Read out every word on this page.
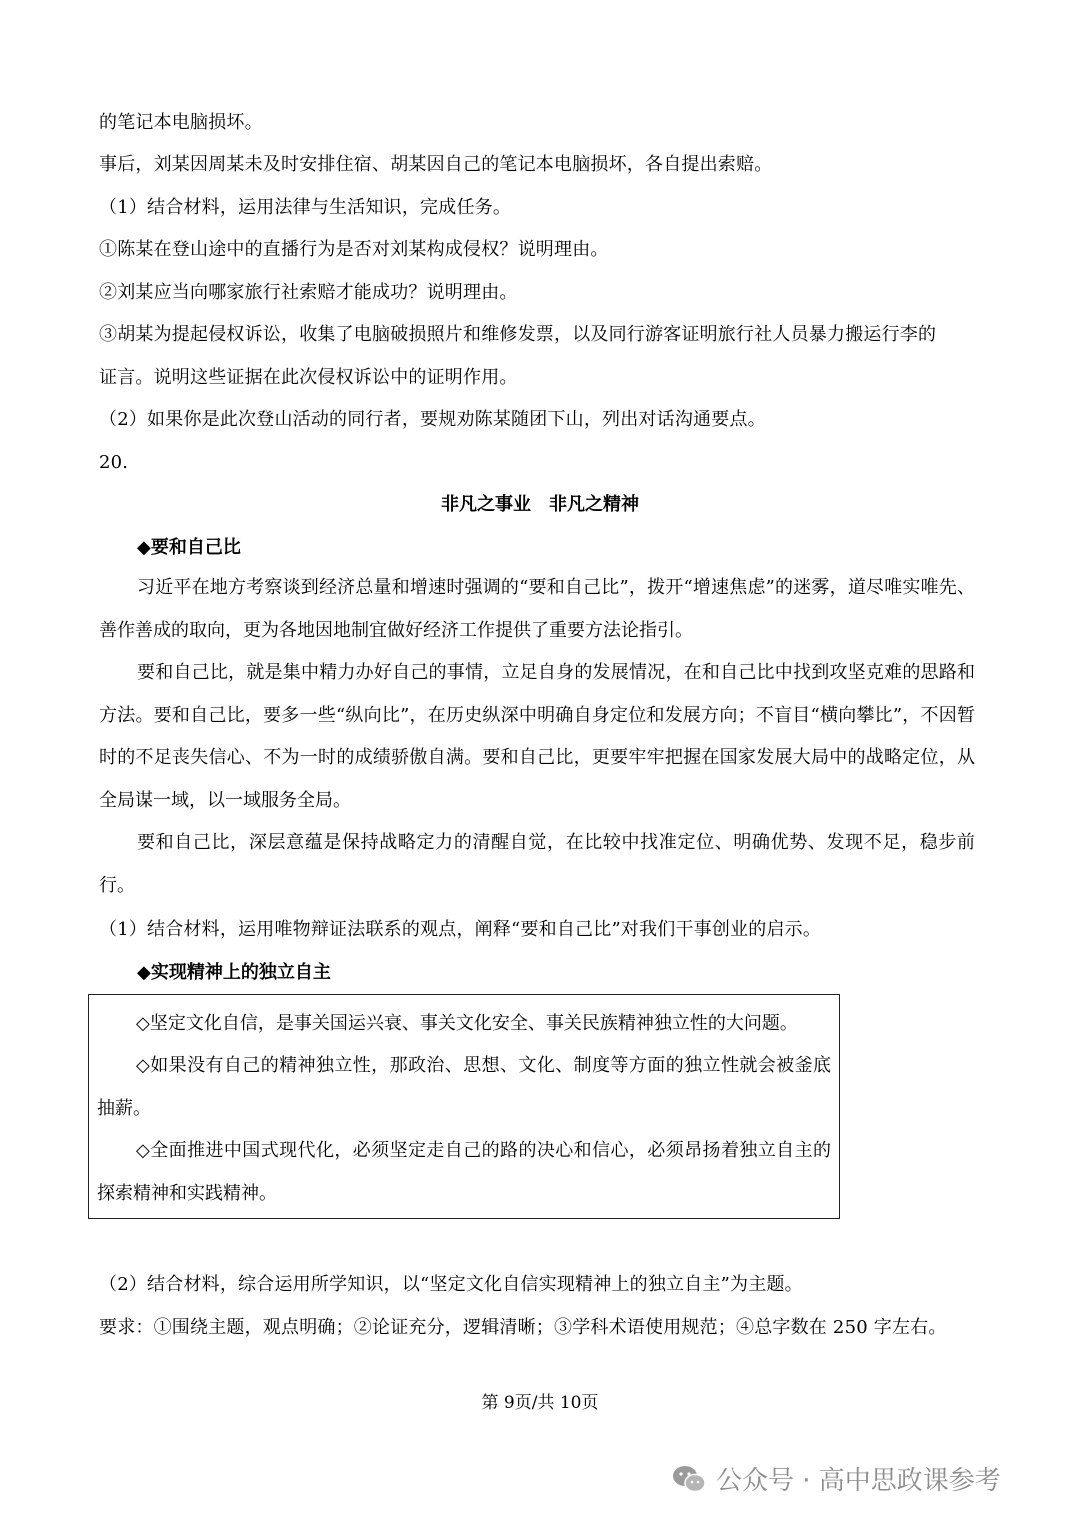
的笔记本电脑损坏。
事后，刘某因周某未及时安排住宿、胡某因自己的笔记本电脑损坏，各自提出索赔。
（1）结合材料，运用法律与生活知识，完成任务。
①陈某在登山途中的直播行为是否对刘某构成侵权？说明理由。
②刘某应当向哪家旅行社索赔才能成功？说明理由。
③胡某为提起侵权诉讼，收集了电脑破损照片和维修发票，以及同行游客证明旅行社人员暴力搬运行李的
证言。说明这些证据在此次侵权诉讼中的证明作用。
（2）如果你是此次登山活动的同行者，要规劝陈某随团下山，列出对话沟通要点。
20.
非凡之事业　非凡之精神
◆要和自己比
习近平在地方考察谈到经济总量和增速时强调的“要和自己比”，拨开“增速焦虑”的迷雾，道尽唯实唯先、善作善成的取向，更为各地因地制宜做好经济工作提供了重要方法论指引。
要和自己比，就是集中精力办好自己的事情，立足自身的发展情况，在和自己比中找到攻坚克难的思路和方法。要和自己比，要多一些“纵向比”，在历史纵深中明确自身定位和发展方向；不盲目“横向攀比”，不因暂时的不足丧失信心、不为一时的成绩骄傲自满。要和自己比，更要牢牢把握在国家发展大局中的战略定位，从全局谋一域，以一域服务全局。
要和自己比，深层意蕴是保持战略定力的清醒自觉，在比较中找准定位、明确优势、发现不足，稳步前行。
（1）结合材料，运用唯物辩证法联系的观点，阐释“要和自己比”对我们干事创业的启示。
◆实现精神上的独立自主
◇坚定文化自信，是事关国运兴衰、事关文化安全、事关民族精神独立性的大问题。
◇如果没有自己的精神独立性，那政治、思想、文化、制度等方面的独立性就会被釜底抽薪。
◇全面推进中国式现代化，必须坚定走自己的路的决心和信心，必须昂扬着独立自主的探索精神和实践精神。
（2）结合材料，综合运用所学知识，以“坚定文化自信实现精神上的独立自主”为主题。
要求：①围绕主题，观点明确；②论证充分，逻辑清晰；③学科术语使用规范；④总字数在 250 字左右。
第 9页/共 10页
公众号 · 高中思政课参考
